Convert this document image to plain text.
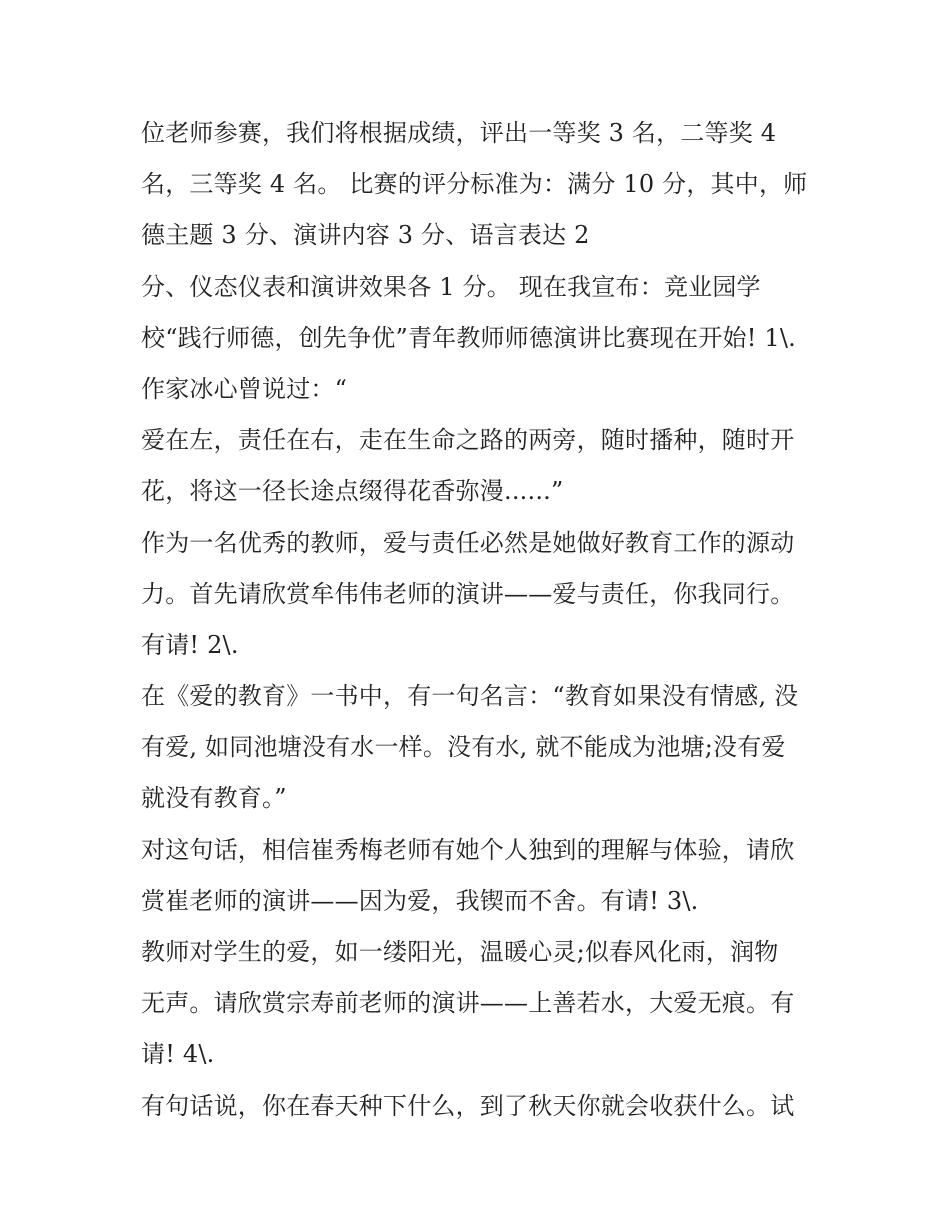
位老师参赛，我们将根据成绩，评出一等奖 3 名，二等奖 4
名，三等奖 4 名。 比赛的评分标准为：满分 10 分，其中，师
德主题 3 分、演讲内容 3 分、语言表达 2
分、仪态仪表和演讲效果各 1 分。 现在我宣布：竞业园学
校“践行师德，创先争优”青年教师师德演讲比赛现在开始! 1\.
作家冰心曾说过：“
爱在左，责任在右，走在生命之路的两旁，随时播种，随时开
花，将这一径长途点缀得花香弥漫......”
作为一名优秀的教师，爱与责任必然是她做好教育工作的源动
力。首先请欣赏牟伟伟老师的演讲——爱与责任，你我同行。
有请! 2\.
在《爱的教育》一书中，有一句名言：“教育如果没有情感, 没
有爱, 如同池塘没有水一样。没有水, 就不能成为池塘;没有爱
就没有教育。”
对这句话，相信崔秀梅老师有她个人独到的理解与体验，请欣
赏崔老师的演讲——因为爱，我锲而不舍。有请! 3\.
教师对学生的爱，如一缕阳光，温暖心灵;似春风化雨，润物
无声。请欣赏宗寿前老师的演讲——上善若水，大爱无痕。有
请! 4\.
有句话说，你在春天种下什么，到了秋天你就会收获什么。试
